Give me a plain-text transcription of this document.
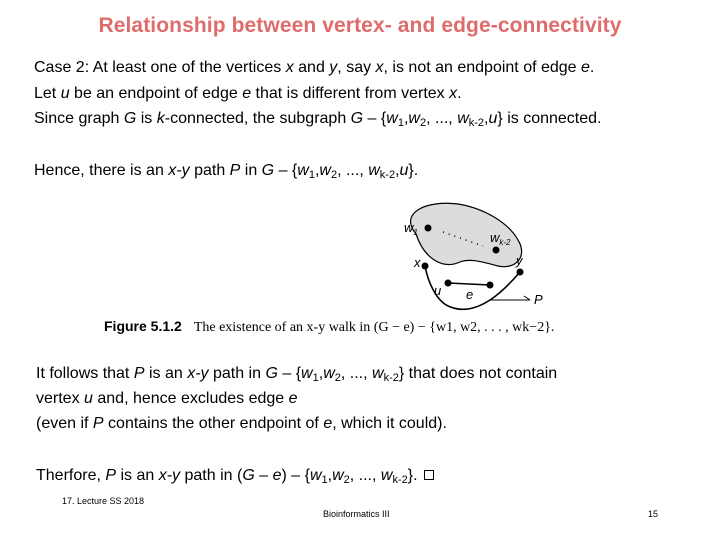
Relationship between vertex- and edge-connectivity
Case 2: At least one of the vertices x and y, say x, is not an endpoint of edge e.
Let u be an endpoint of edge e that is different from vertex x.
Since graph G is k-connected, the subgraph G – {$w_1,w_2$, ..., $w_{k-2},u$} is connected.
Hence, there is an x-y path P in G – {$w_1,w_2$, ..., $w_{k-2},u$}.
$w_1$	$w_{k-2}$
x	y
u e	P
Figure 5.1.2 The existence of an x-y walk in (G − e) − {w1, w2, . . . , wk−2}.
It follows that P is an x-y path in G – {$w_1,w_2$, ..., $w_{k-2}$} that does not contain
vertex u and, hence excludes edge e
(even if P contains the other endpoint of e, which it could).
Therfore, P is an x-y path in $(G - e) - \{w_1,w_2$, ..., $w_{k-2}$}.
17. Lecture SS 2018
Bioinformatics III	15
